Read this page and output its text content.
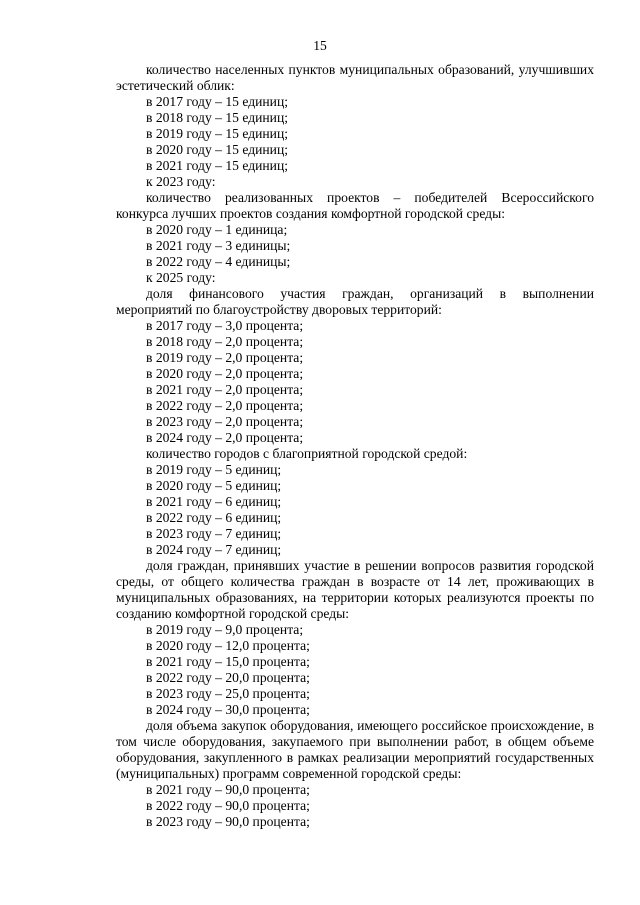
15

количество населенных пунктов муниципальных образований, улучшивших эстетический облик:

в 2017 году – 15 единиц;

в 2018 году – 15 единиц;

в 2019 году – 15 единиц;

в 2020 году – 15 единиц;

в 2021 году – 15 единиц;

к 2023 году:

количество реализованных проектов – победителей Всероссийского конкурса лучших проектов создания комфортной городской среды:

в 2020 году – 1 единица;

в 2021 году – 3 единицы;

в 2022 году – 4 единицы;

к 2025 году:

доля финансового участия граждан, организаций в выполнении мероприятий по благоустройству дворовых территорий:

в 2017 году – 3,0 процента;

в 2018 году – 2,0 процента;

в 2019 году – 2,0 процента;

в 2020 году – 2,0 процента;

в 2021 году – 2,0 процента;

в 2022 году – 2,0 процента;

в 2023 году – 2,0 процента;

в 2024 году – 2,0 процента;

количество городов с благоприятной городской средой:

в 2019 году – 5 единиц;

в 2020 году – 5 единиц;

в 2021 году – 6 единиц;

в 2022 году – 6 единиц;

в 2023 году – 7 единиц;

в 2024 году – 7 единиц;

доля граждан, принявших участие в решении вопросов развития городской среды, от общего количества граждан в возрасте от 14 лет, проживающих в муниципальных образованиях, на территории которых реализуются проекты по созданию комфортной городской среды:

в 2019 году – 9,0 процента;

в 2020 году – 12,0 процента;

в 2021 году – 15,0 процента;

в 2022 году – 20,0 процента;

в 2023 году – 25,0 процента;

в 2024 году – 30,0 процента;

доля объема закупок оборудования, имеющего российское происхождение, в том числе оборудования, закупаемого при выполнении работ, в общем объеме оборудования, закупленного в рамках реализации мероприятий государственных (муниципальных) программ современной городской среды:

в 2021 году – 90,0 процента;

в 2022 году – 90,0 процента;

в 2023 году – 90,0 процента;
